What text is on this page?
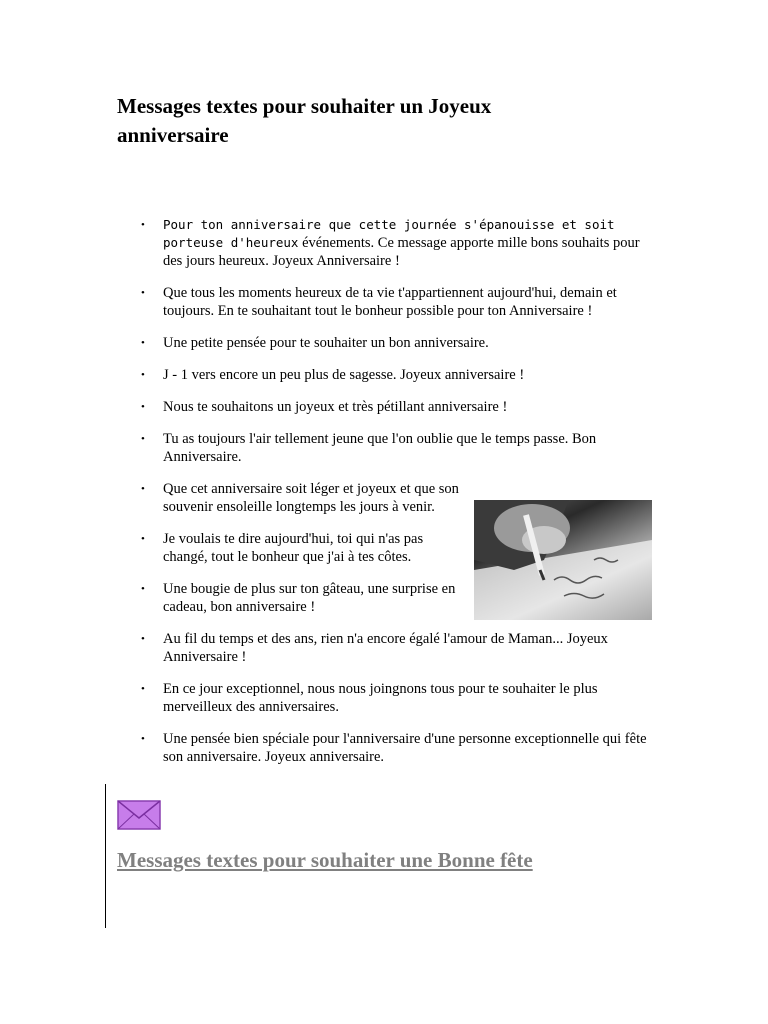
Messages textes pour souhaiter un Joyeux anniversaire
• Pour ton anniversaire que cette journée s'épanouisse et soit porteuse d'heureux événements. Ce message apporte mille bons souhaits pour des jours heureux. Joyeux Anniversaire !
• Que tous les moments heureux de ta vie t'appartiennent aujourd'hui, demain et toujours. En te souhaitant tout le bonheur possible pour ton Anniversaire !
• Une petite pensée pour te souhaiter un bon anniversaire.
• J - 1 vers encore un peu plus de sagesse. Joyeux anniversaire !
• Nous te souhaitons un joyeux et très pétillant anniversaire !
• Tu as toujours l'air tellement jeune que l'on oublie que le temps passe. Bon Anniversaire.
• Que cet anniversaire soit léger et joyeux et que son souvenir ensoleille longtemps les jours à venir.
• Je voulais te dire aujourd'hui, toi qui n'as pas changé, tout le bonheur que j'ai à tes côtes.
• Une bougie de plus sur ton gâteau, une surprise en cadeau, bon anniversaire !
• Au fil du temps et des ans, rien n'a encore égalé l'amour de Maman... Joyeux Anniversaire !
• En ce jour exceptionnel, nous nous joingnons tous pour te souhaiter le plus merveilleux des anniversaires.
• Une pensée bien spéciale pour l'anniversaire d'une personne exceptionnelle qui fête son anniversaire. Joyeux anniversaire.
Messages textes pour souhaiter une Bonne fête
